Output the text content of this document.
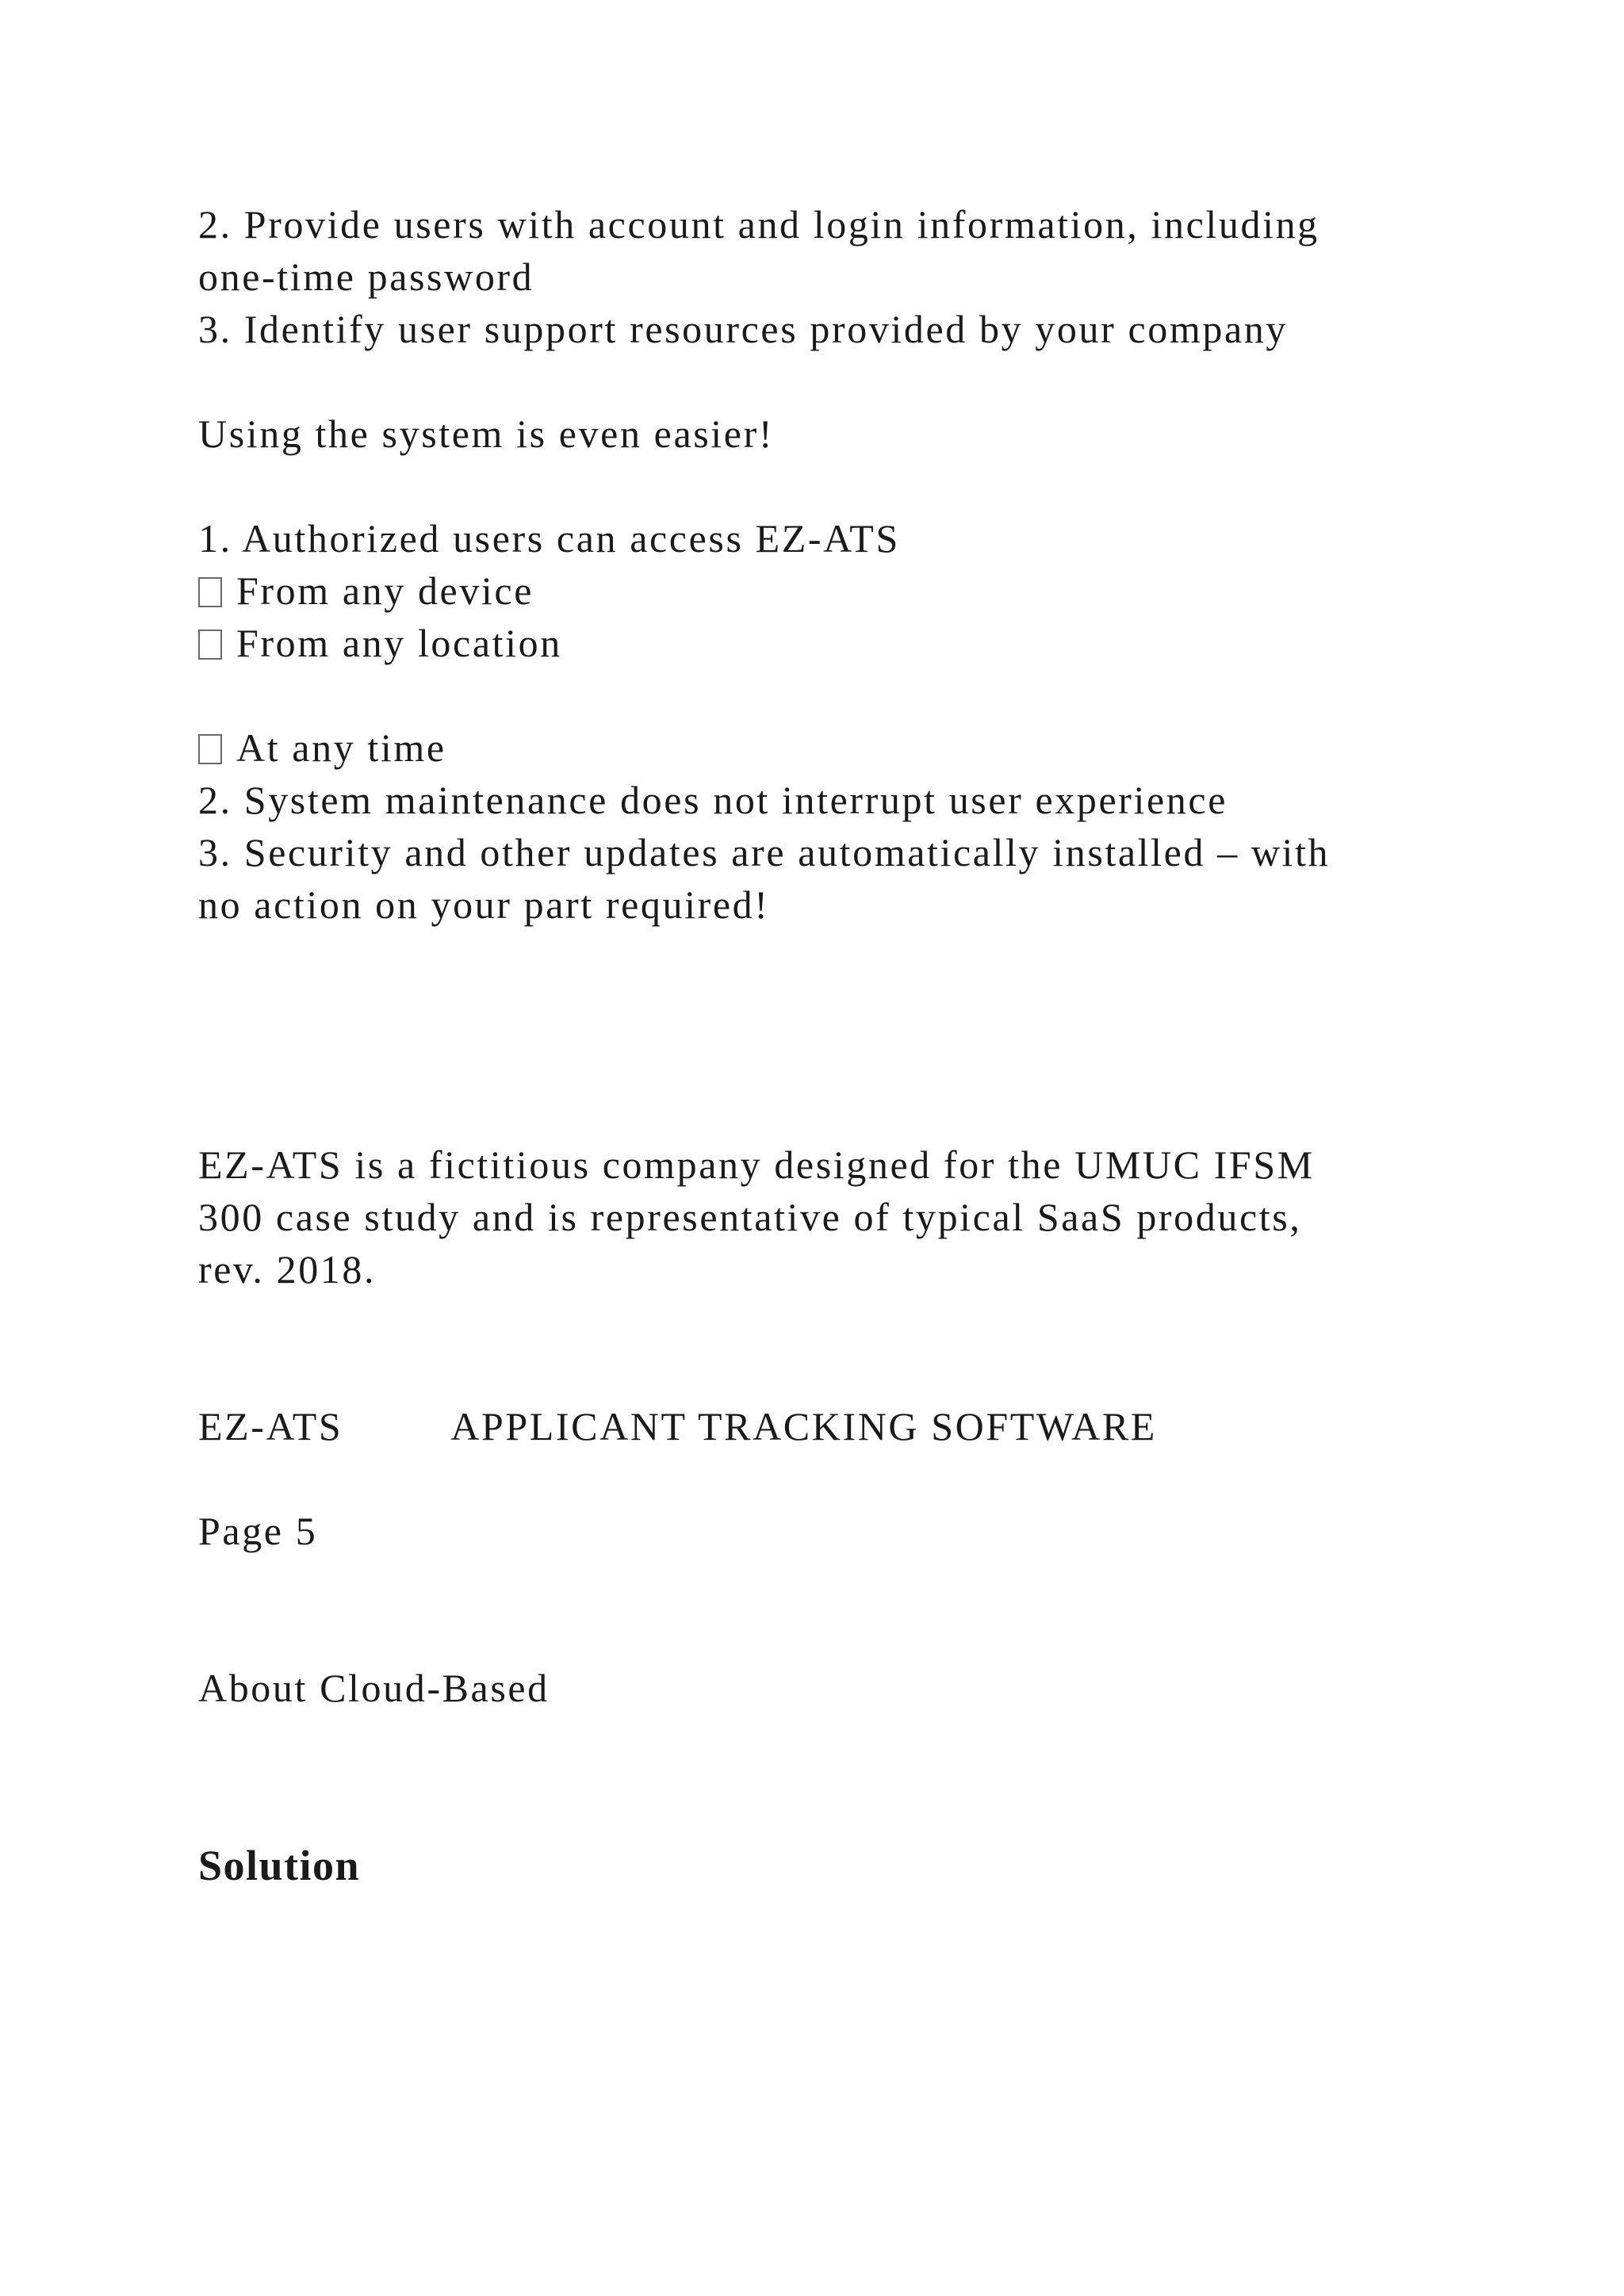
2. Provide users with account and login information, including
one-time password
3. Identify user support resources provided by your company
Using the system is even easier!
1. Authorized users can access EZ-ATS
From any device
From any location
At any time
2. System maintenance does not interrupt user experience
3. Security and other updates are automatically installed – with
no action on your part required!
EZ-ATS is a fictitious company designed for the UMUC IFSM
300 case study and is representative of typical SaaS products,
rev. 2018.
EZ-ATS	APPLICANT TRACKING SOFTWARE
Page 5
About Cloud-Based
Solution
